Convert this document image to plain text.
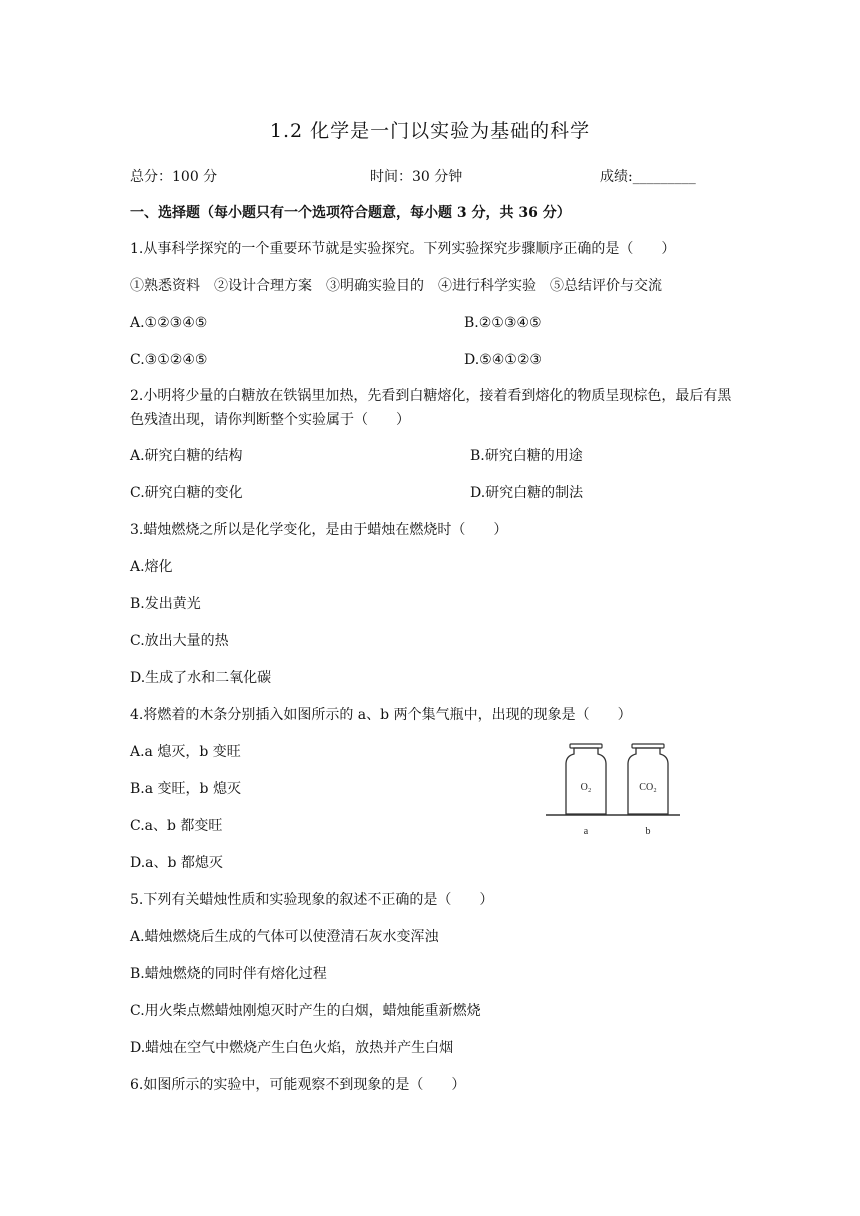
1.2 化学是一门以实验为基础的科学
总分：100 分	时间：30 分钟	成绩:_________
一、选择题（每小题只有一个选项符合题意，每小题 3 分，共 36 分）
1.从事科学探究的一个重要环节就是实验探究。下列实验探究步骤顺序正确的是（　　）
①熟悉资料　②设计合理方案　③明确实验目的　④进行科学实验　⑤总结评价与交流
A.①②③④⑤	B.②①③④⑤
C.③①②④⑤	D.⑤④①②③
2.小明将少量的白糖放在铁锅里加热，先看到白糖熔化，接着看到熔化的物质呈现棕色，最后有黑色残渣出现，请你判断整个实验属于（　　）
A.研究白糖的结构	B.研究白糖的用途
C.研究白糖的变化	D.研究白糖的制法
3.蜡烛燃烧之所以是化学变化，是由于蜡烛在燃烧时（　　）
A.熔化
B.发出黄光
C.放出大量的热
D.生成了水和二氧化碳
4.将燃着的木条分别插入如图所示的 a、b 两个集气瓶中，出现的现象是（　　）
A.a 熄灭，b 变旺
B.a 变旺，b 熄灭
C.a、b 都变旺
D.a、b 都熄灭
O₂	CO₂
a	b
5.下列有关蜡烛性质和实验现象的叙述不正确的是（　　）
A.蜡烛燃烧后生成的气体可以使澄清石灰水变浑浊
B.蜡烛燃烧的同时伴有熔化过程
C.用火柴点燃蜡烛刚熄灭时产生的白烟，蜡烛能重新燃烧
D.蜡烛在空气中燃烧产生白色火焰，放热并产生白烟
6.如图所示的实验中，可能观察不到现象的是（　　）
